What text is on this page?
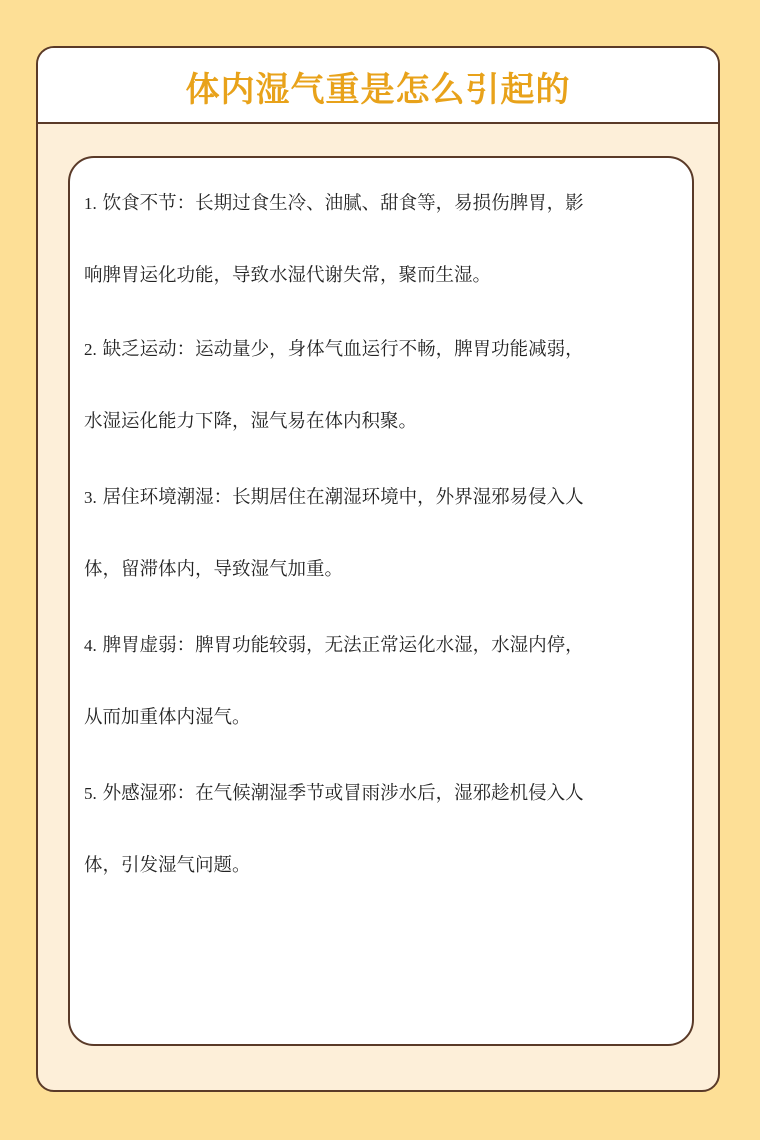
体内湿气重是怎么引起的

1. 饮食不节：长期过食生冷、油腻、甜食等，易损伤脾胃，影
响脾胃运化功能，导致水湿代谢失常，聚而生湿。

2. 缺乏运动：运动量少，身体气血运行不畅，脾胃功能减弱，
水湿运化能力下降，湿气易在体内积聚。

3. 居住环境潮湿：长期居住在潮湿环境中，外界湿邪易侵入人
体，留滞体内，导致湿气加重。

4. 脾胃虚弱：脾胃功能较弱，无法正常运化水湿，水湿内停，
从而加重体内湿气。

5. 外感湿邪：在气候潮湿季节或冒雨涉水后，湿邪趁机侵入人
体，引发湿气问题。
